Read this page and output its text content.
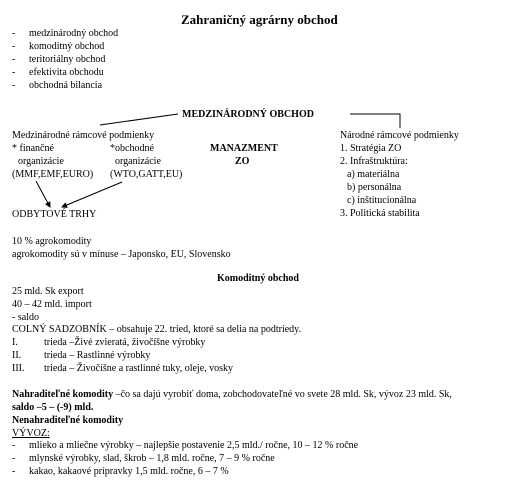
Zahraničný agrárny obchod
- medzinárodný obchod
- komoditný obchod
- teritoriálny obchod
- efektivita obchodu
- obchodná bilancia
MEDZINÁRODNÝ OBCHOD
Medzinárodné rámcové podmienky
* finančné
organizácie
(MMF,EMF,EURO)
*obchodné
organizácie
(WTO,GATT,EU)
MANAZMENT
ZO
Národné rámcové podmienky
1. Stratégia ZO
2. Infraštruktúra:
a) materiálna
b) personálna
c) inštitucionálna
3. Politická stabilita
ODBYTOVÉ TRHY
10 % agrokomodity
agrokomodity sú v mínuse – Japonsko, EU, Slovensko
Komoditný obchod
25 mld. Sk export
40 – 42 mld. import
- saldo
COLNÝ SADZOBNÍK – obsahuje 22. tried, ktoré sa delia na podtriedy.
I.	trieda –Živé zvieratá, živočíšne výrobky
II. trieda – Rastlinné výrobky
III. trieda – Živočíšne a rastlinné tuky, oleje, vosky
Nahraditeľné komodity –čo sa dajú vyrobiť doma, zobchodovateľné vo svete 28 mld. Sk, vývoz 23 mld. Sk,
saldo –5 – (-9) mld.
Nenahraditeľné komodity
VÝVOZ:
- mlieko a mliečne výrobky – najlepšie postavenie 2,5 mld./ ročne, 10 – 12 % ročne
- mlynské výrobky, slad, škrob – 1,8 mld. ročne, 7 – 9 % ročne
- kakao, kakaové prípravky 1,5 mld. ročne, 6 – 7 %
